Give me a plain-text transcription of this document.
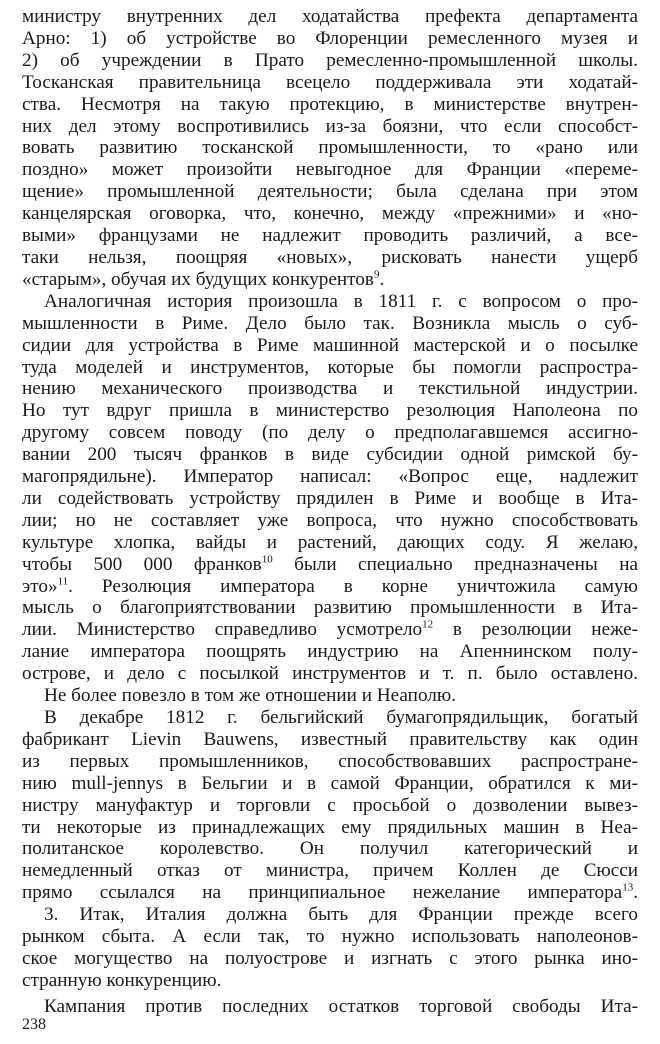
министру внутренних дел ходатайства префекта департамента
Арно: 1) об устройстве во Флоренции ремесленного музея и
2) об учреждении в Прато ремесленно-промышленной школы.
Тосканская правительница всецело поддерживала эти ходатай-
ства. Несмотря на такую протекцию, в министерстве внутрен-
них дел этому воспротивились из-за боязни, что если способст-
вовать развитию тосканской промышленности, то «рано или
поздно» может произойти невыгодное для Франции «переме-
щение» промышленной деятельности; была сделана при этом
канцелярская оговорка, что, конечно, между «прежними» и «но-
выми» французами не надлежит проводить различий, а все-
таки нельзя, поощряя «новых», рисковать нанести ущерб

«старым», обучая их будущих конкурентов$^9$.

Аналогичная история произошла в 1811 г. с вопросом о про-
мышленности в Риме. Дело было так. Возникла мысль о суб-
сидии для устройства в Риме машинной мастерской и о посылке
туда моделей и инструментов, которые бы помогли распростра-
нению механического производства и текстильной индустрии.
Но тут вдруг пришла в министерство резолюция Наполеона по
другому совсем поводу (по делу о предполагавшемся ассигно-
вании 200 тысяч франков в виде субсидии одной римской бу-
магопрядильне). Император написал: «Вопрос еще, надлежит
ли содействовать устройству прядилен в Риме и вообще в Ита-
лии; но не составляет уже вопроса, что нужно способствовать
культуре хлопка, вайды и растений, дающих соду. Я желаю,
чтобы 500 000 франков$^{10}$ были специально предназначены на
это»$^{11}$. Резолюция императора в корне уничтожила самую
мысль о благоприятствовании развитию промышленности в Ита-
лии. Министерство справедливо усмотрело$^{12}$ в резолюции неже-
лание императора поощрять индустрию на Апеннинском полу-
острове, и дело с посылкой инструментов и т. п. было оставлено.

Не более повезло в том же отношении и Неаполю.

В декабре 1812 г. бельгийский бумагопрядильщик, богатый
фабрикант Lievin Bauwens, известный правительству как один
из первых промышленников, способствовавших распростране-
нию mull-jennys в Бельгии и в самой Франции, обратился к ми-
нистру мануфактур и торговли с просьбой о дозволении вывез-
ти некоторые из принадлежащих ему прядильных машин в Неа-
политанское королевство. Он получил категорический и
немедленный отказ от министра, причем Коллен де Сюсси
прямо ссылался на принципиальное нежелание императора$^{13}$.

3. Итак, Италия должна быть для Франции прежде всего
рынком сбыта. А если так, то нужно использовать наполеонов-
ское могущество на полуострове и изгнать с этого рынка ино-

странную конкуренцию.

Кампания против последних остатков торговой свободы Ита-

238
